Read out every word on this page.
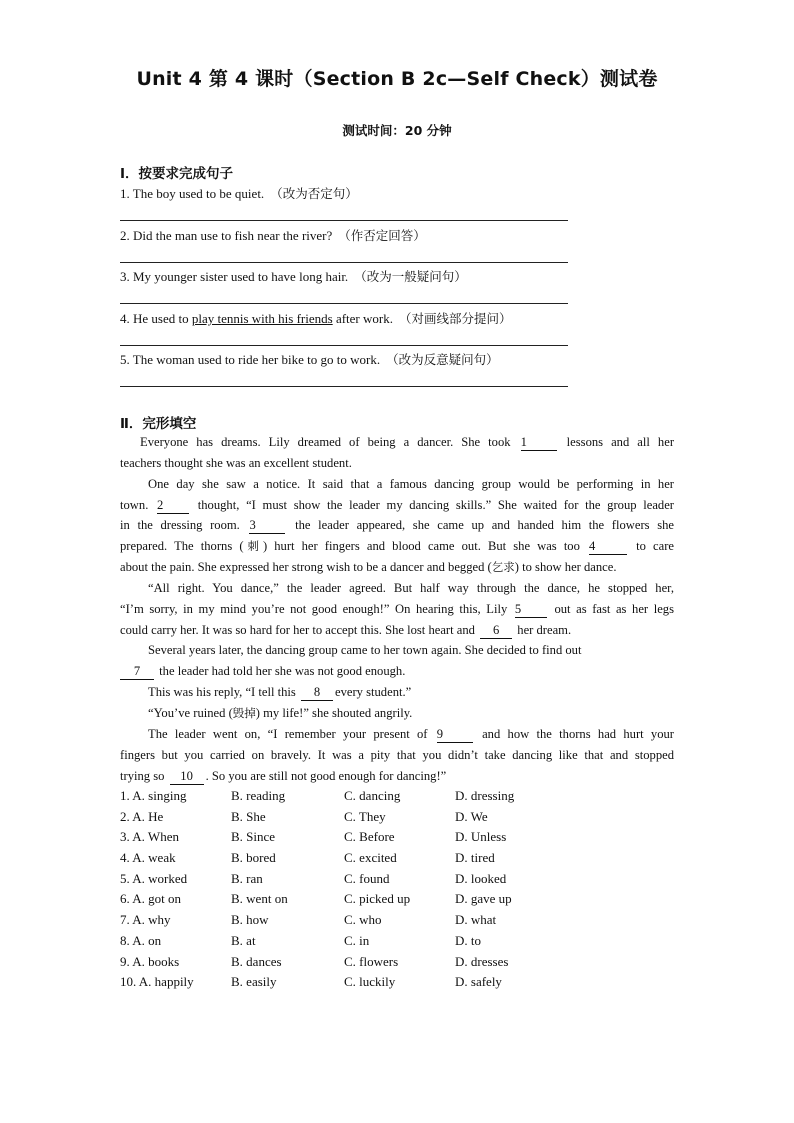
Unit 4 第 4 课时（Section B 2c—Self Check）测试卷
测试时间：20 分钟
Ⅰ．按要求完成句子
1. The boy used to be quiet. （改为否定句）
2. Did the man use to fish near the river? （作否定回答）
3. My younger sister used to have long hair. （改为一般疑问句）
4. He used to play tennis with his friends after work. （对画线部分提问）
5. The woman used to ride her bike to go to work. （改为反意疑问句）
Ⅱ．完形填空
Everyone has dreams. Lily dreamed of being a dancer. She took 1	lessons and all her
teachers thought she was an excellent student.
One day she saw a notice. It said that a famous dancing group would be performing in her
town. 2	thought, “I must show the leader my dancing skills.” She waited for the group leader
in the dressing room. 3	the leader appeared, she came up and handed him the flowers she
prepared. The thorns (刺) hurt her fingers and blood came out. But she was too 4	to care
about the pain. She expressed her strong wish to be a dancer and begged (乞求) to show her dance.
“All right. You dance,” the leader agreed. But half way through the dance, he stopped her,
“I’m sorry, in my mind you’re not good enough!” On hearing this, Lily 5	out as fast as her legs
could carry her. It was so hard for her to accept this. She lost heart and 6 her dream.
Several years later, the dancing group came to her town again. She decided to find out
7 the leader had told her she was not good enough.
This was his reply, “I tell this 8 every student.”
“You’ve ruined (毁掉) my life!” she shouted angrily.
The leader went on, “I remember your present of 9	and how the thorns had hurt your
fingers but you carried on bravely. It was a pity that you didn’t take dancing like that and stopped
trying so 10 . So you are still not good enough for dancing!”
1. A. singing	B. reading	C. dancing	D. dressing
2. A. He	B. She	C. They	D. We
3. A. When	B. Since	C. Before	D. Unless
4. A. weak	B. bored	C. excited	D. tired
5. A. worked	B. ran	C. found	D. looked
6. A. got on	B. went on	C. picked up	D. gave up
7. A. why	B. how	C. who	D. what
8. A. on	B. at	C. in	D. to
9. A. books	B. dances	C. flowers	D. dresses
10. A. happily	B. easily	C. luckily	D. safely
